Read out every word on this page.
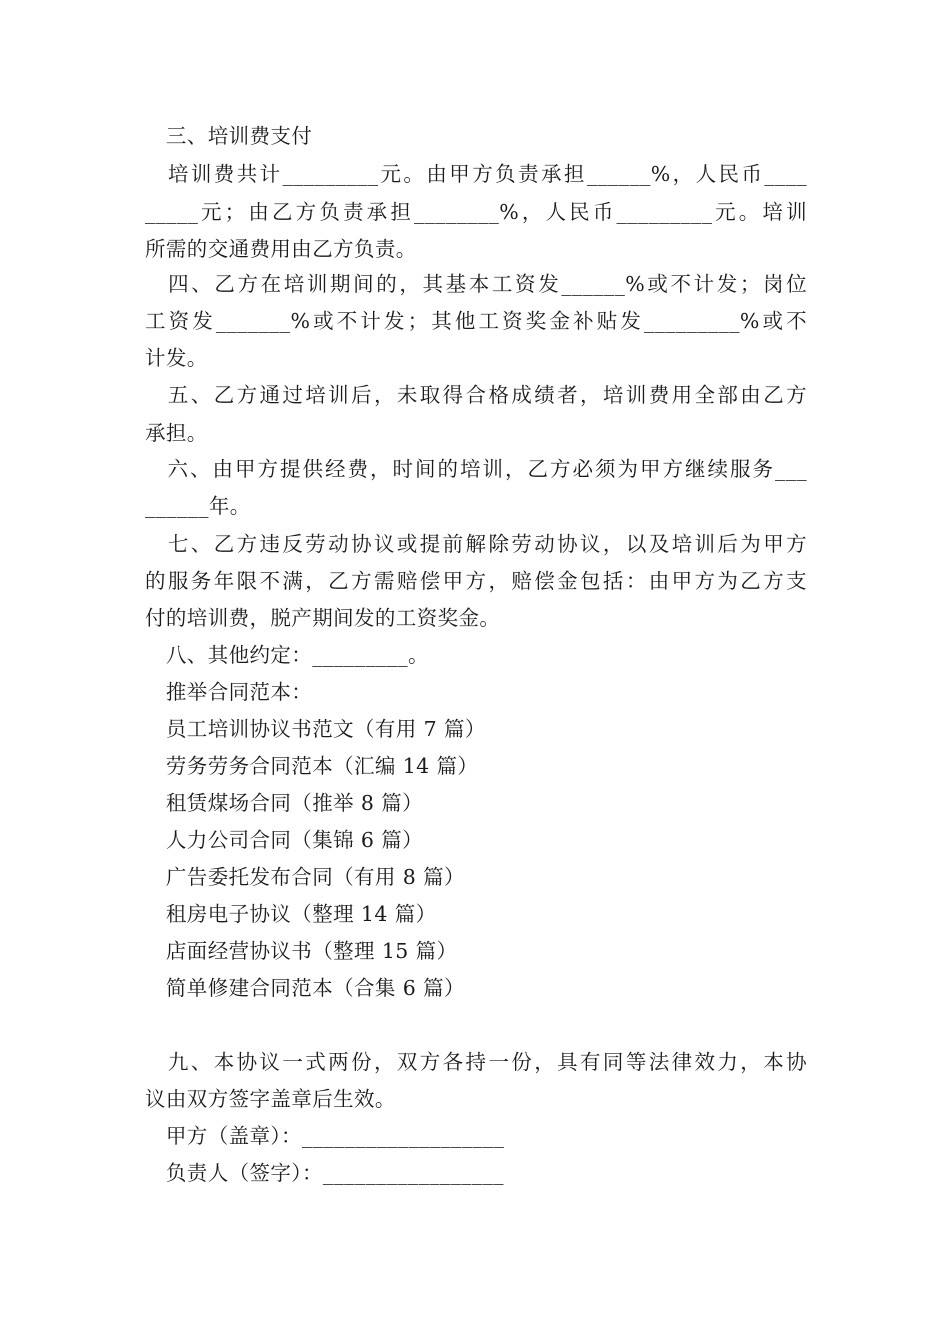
　三、培训费支付
　培训费共计_________元。由甲方负责承担______%，人民币____
_____元；由乙方负责承担________%，人民币_________元。培训
所需的交通费用由乙方负责。
　四、乙方在培训期间的，其基本工资发______%或不计发；岗位
工资发_______%或不计发；其他工资奖金补贴发_________%或不
计发。
　五、乙方通过培训后，未取得合格成绩者，培训费用全部由乙方
承担。
　六、由甲方提供经费，时间的培训，乙方必须为甲方继续服务___
______年。
　七、乙方违反劳动协议或提前解除劳动协议，以及培训后为甲方
的服务年限不满，乙方需赔偿甲方，赔偿金包括：由甲方为乙方支
付的培训费，脱产期间发的工资奖金。
　八、其他约定：_________。
　推举合同范本：
　员工培训协议书范文（有用 7 篇）
　劳务劳务合同范本（汇编 14 篇）
　租赁煤场合同（推举 8 篇）
　人力公司合同（集锦 6 篇）
　广告委托发布合同（有用 8 篇）
　租房电子协议（整理 14 篇）
　店面经营协议书（整理 15 篇）
　简单修建合同范本（合集 6 篇）
　九、本协议一式两份，双方各持一份，具有同等法律效力，本协
议由双方签字盖章后生效。
　甲方（盖章）：___________________
　负责人（签字）：_________________
